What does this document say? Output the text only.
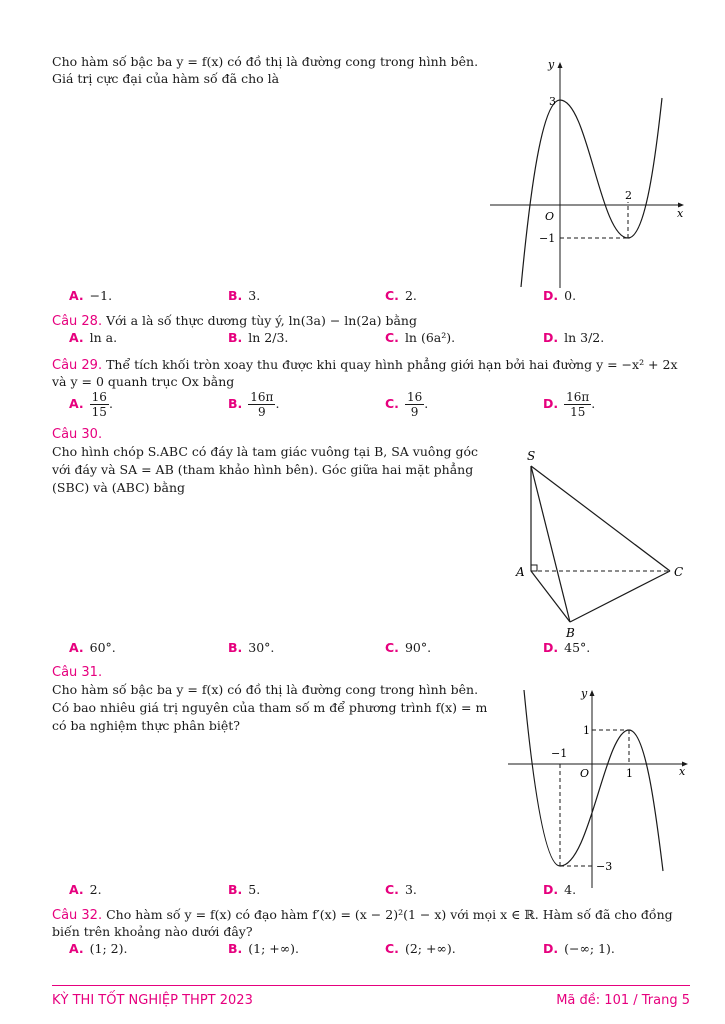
Cho hàm số bậc ba y = f(x) có đồ thị là đường cong trong hình bên.
Giá trị cực đại của hàm số đã cho là
y
x
O
3
2
−1
A. −1.	B. 3.	C. 2.	D. 0.
Câu 28. Với a là số thực dương tùy ý, ln(3a) − ln(2a) bằng
A. ln a.	B. ln 2/3.	C. ln (6a²).	D. ln 3/2.
Câu 29. Thể tích khối tròn xoay thu được khi quay hình phẳng giới hạn bởi hai đường y = −x² + 2x
và y = 0 quanh trục Ox bằng
A. $\frac{16}{15}$ .	B. $\frac{16\pi}{9}$ .	C. $\frac{16}{9}$ .	D. $\frac{16\pi}{15}$ .
Câu 30.
Cho hình chóp S.ABC có đáy là tam giác vuông tại B, SA vuông góc
với đáy và SA = AB (tham khảo hình bên). Góc giữa hai mặt phẳng
(SBC) và (ABC) bằng
S
A
B
C
A. 60°.	B. 30°.	C. 90°.	D. 45°.
Câu 31.
Cho hàm số bậc ba y = f(x) có đồ thị là đường cong trong hình bên.
Có bao nhiêu giá trị nguyên của tham số m để phương trình f(x) = m
có ba nghiệm thực phân biệt?
y
x
O
1
1
−1
−3
A. 2.	B. 5.	C. 3.	D. 4.
Câu 32. Cho hàm số y = f(x) có đạo hàm f′(x) = (x − 2)²(1 − x) với mọi x ∈ ℝ. Hàm số đã cho đồng
biến trên khoảng nào dưới đây?
A. (1; 2).	B. (1; +∞).	C. (2; +∞).	D. (−∞; 1).
KỲ THI TỐT NGHIỆP THPT 2023	Mã đề: 101 / Trang 5
